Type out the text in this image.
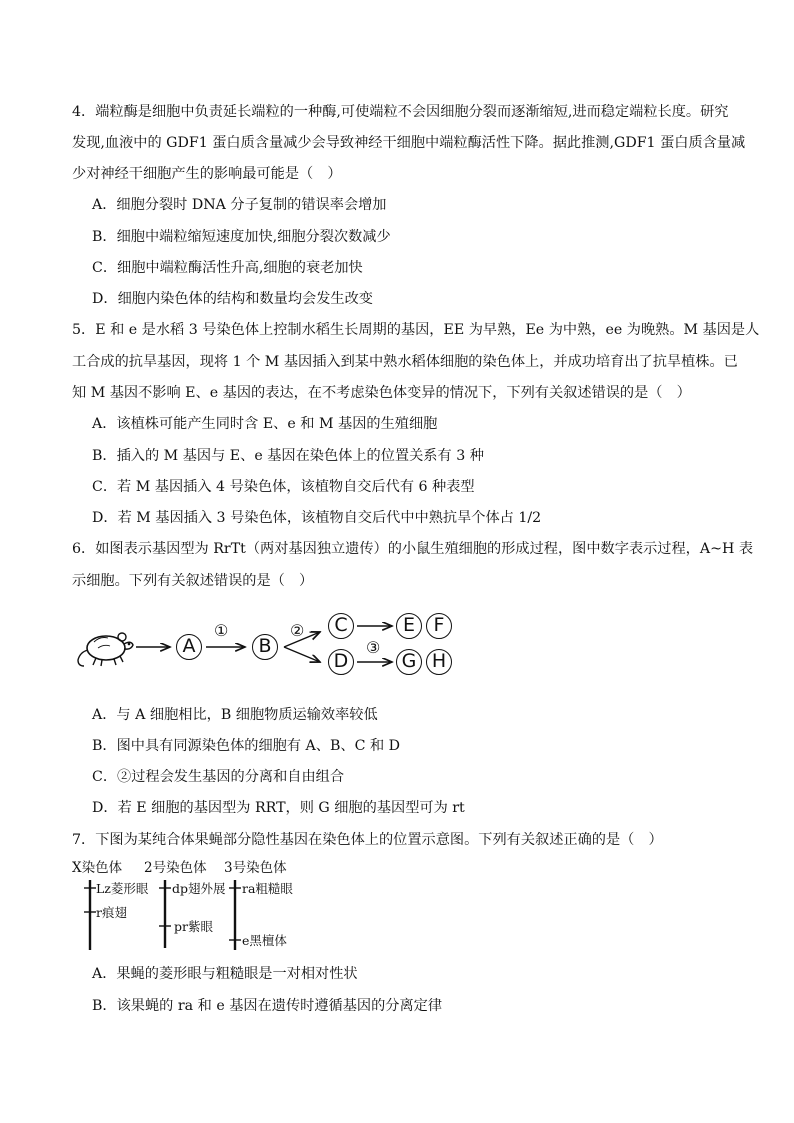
4．端粒酶是细胞中负责延长端粒的一种酶,可使端粒不会因细胞分裂而逐渐缩短,进而稳定端粒长度。研究
发现,血液中的 GDF1 蛋白质含量减少会导致神经干细胞中端粒酶活性下降。据此推测,GDF1 蛋白质含量减
少对神经干细胞产生的影响最可能是（　）
A．细胞分裂时 DNA 分子复制的错误率会增加
B．细胞中端粒缩短速度加快,细胞分裂次数减少
C．细胞中端粒酶活性升高,细胞的衰老加快
D．细胞内染色体的结构和数量均会发生改变
5．E 和 e 是水稻 3 号染色体上控制水稻生长周期的基因，EE 为早熟，Ee 为中熟，ee 为晚熟。M 基因是人
工合成的抗旱基因，现将 1 个 M 基因插入到某中熟水稻体细胞的染色体上，并成功培育出了抗旱植株。已
知 M 基因不影响 E、e 基因的表达，在不考虑染色体变异的情况下，下列有关叙述错误的是（　）
A．该植株可能产生同时含 E、e 和 M 基因的生殖细胞
B．插入的 M 基因与 E、e 基因在染色体上的位置关系有 3 种
C．若 M 基因插入 4 号染色体，该植物自交后代有 6 种表型
D．若 M 基因插入 3 号染色体，该植物自交后代中中熟抗旱个体占 1/2
6．如图表示基因型为 RrTt（两对基因独立遗传）的小鼠生殖细胞的形成过程，图中数字表示过程，A~H 表
示细胞。下列有关叙述错误的是（　）
A	B
C
D
E F
G H
①	②
③
A．与 A 细胞相比，B 细胞物质运输效率较低
B．图中具有同源染色体的细胞有 A、B、C 和 D
C．②过程会发生基因的分离和自由组合
D．若 E 细胞的基因型为 RRT，则 G 细胞的基因型可为 rt
7．下图为某纯合体果蝇部分隐性基因在染色体上的位置示意图。下列有关叙述正确的是（　）
X染色体 2号染色体 3号染色体
Lz菱形眼
r痕翅
dp翅外展
pr紫眼
ra粗糙眼
e黑檀体
A．果蝇的菱形眼与粗糙眼是一对相对性状
B．该果蝇的 ra 和 e 基因在遗传时遵循基因的分离定律
